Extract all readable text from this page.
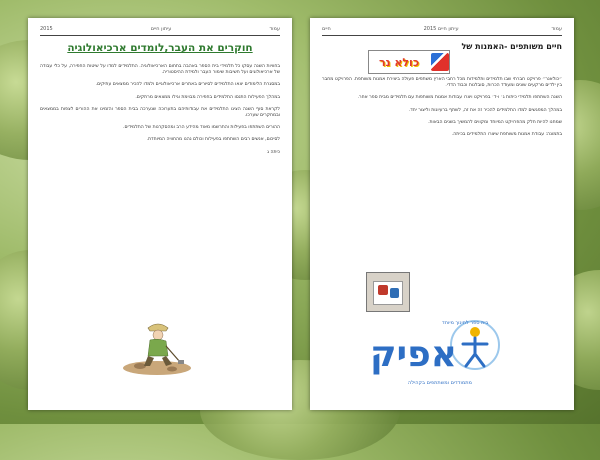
עמוד
עיתון חיים
2015
חוקרים את העבר,לומדים ארכיאולוגיה

בחוויות השנה עסקו כל תלמידי בית הספר באהבה בתחום הארכיאולוגיה. התלמידים למדו על שיטות החפירה, על כלי עבודה של ארכיאולוגים ועל חשיבות שימור העבר ולמידת ההיסטוריה.

במסגרת הלימודים יצאו התלמידים לסיורים באתרים ארכיאולוגיים ולמדו להכיר ממצאים עתיקים.

במהלך הפעילות התנסו התלמידים בחפירה מבוימת וגילו ממצאים מרתקים.

לקראת סוף השנה הציגו התלמידים את עבודותיהם בתערוכה שנערכה בבית הספר והזמינו את ההורים לצפות בממצאים ובמחקרים שערכו.

ההורים השתתפו בפעילות והתרשמו מאוד מהידע הרב ומהסקרנות של התלמידים.

לסיכום, אנשים רבים השתתפו בפעילות וכולם נהנו מהחוויה המיוחדת.

כיתה ג
עמוד
עיתון חיים 2015
חיים
חיים משותפים -האמנות של
כולא נר

״כולאנר״ פרויקט חברתי שבו תלמידים ותלמידות מכל רחבי הארץ משתפים פעולה ביצירת אמנות משותפת. הפרויקט מחבר בין ילדים מרקעים שונים ומעודד הכרות, סובלנות וכבוד הדדי.

השנה השתתפו תלמידי כיתות ג׳ ו-ד׳ בפרויקט ויצרו עבודות אמנות משותפות עם תלמידים מבית ספר אחר.

במהלך המפגשים למדו התלמידים להכיר זה את זה, לשתף ברעיונות וליצור יחד.

שמחנו להיות חלק מהפרויקט המיוחד ומקווים להמשיך בשנים הבאות.

בתמונה: עבודת אמנות משותפת שיצרו התלמידים בכיתה.

בית ספר לחינוך מיוחד
אפיק
מתמודדים ומשתתפים בקהילה
